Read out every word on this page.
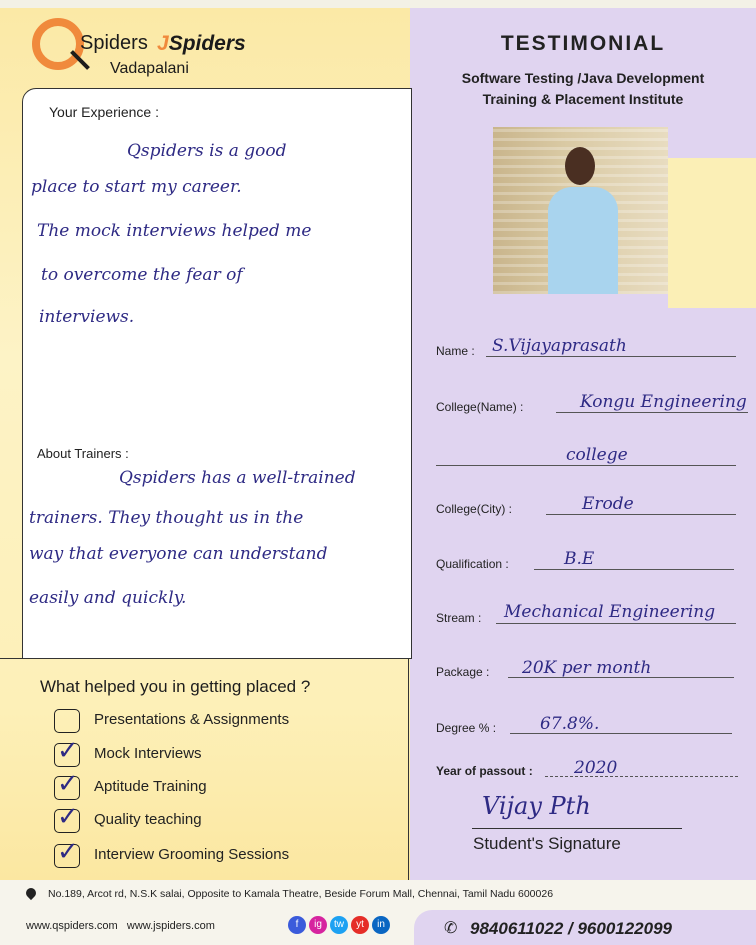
Spiders JSpiders
Vadapalani
Your Experience :
Qspiders is a good
place to start my career.
The mock interviews helped me
to overcome the fear of
interviews.
About Trainers :
Qspiders has a well-trained
trainers. They thought us in the
way that everyone can understand
easily and quickly.
What helped you in getting placed ?
Presentations & Assignments
✓ Mock Interviews
✓ Aptitude Training
✓ Quality teaching
✓ Interview Grooming Sessions
TESTIMONIAL
Software Testing /Java Development
Training & Placement Institute
Name : S.Vijayaprasath
College(Name) :	Kongu Engineering
college
College(City) :	Erode
Qualification :	B.E
Stream : Mechanical Engineering
Package : 20K per month
Degree % :	67.8%.
Year of passout : 2020
Vijay Pth
Student's Signature
No.189, Arcot rd, N.S.K salai, Opposite to Kamala Theatre, Beside Forum Mall, Chennai, Tamil Nadu 600026
www.qspiders.com www.jspiders.com	f ig tw yt in	✆ 9840611022 / 9600122099
